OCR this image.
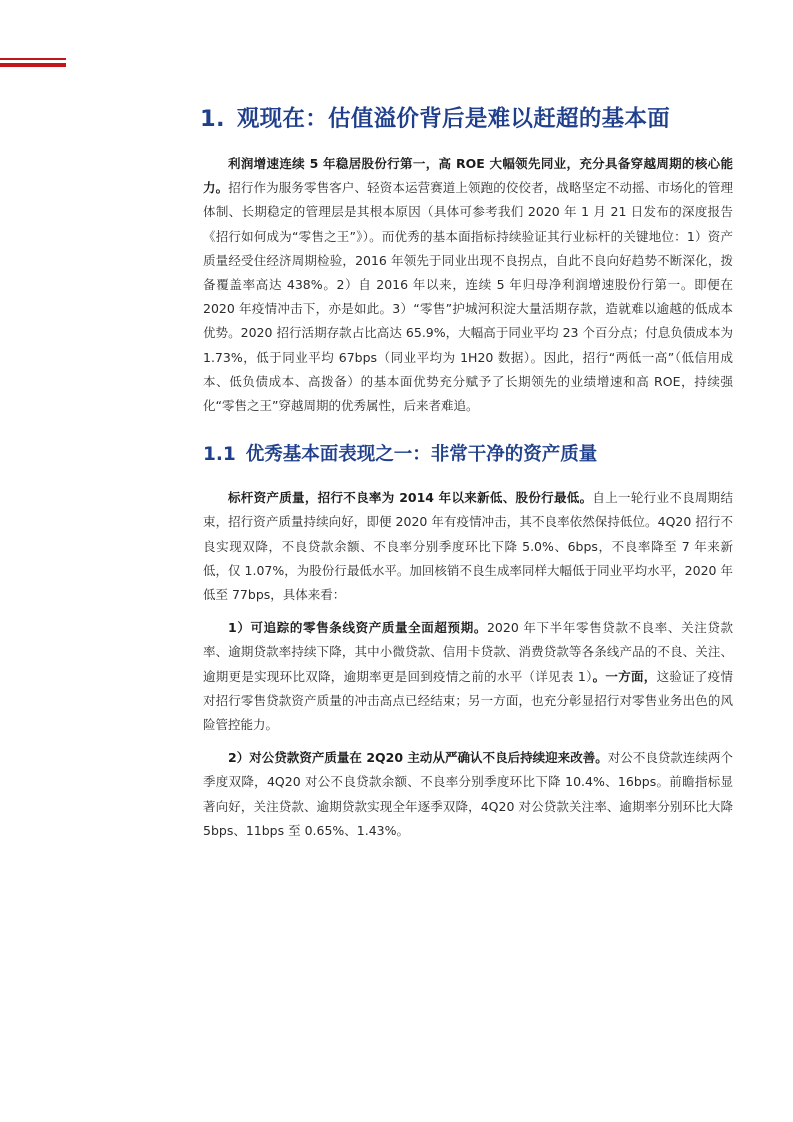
1. 观现在：估值溢价背后是难以赶超的基本面

利润增速连续 5 年稳居股份行第一，高 ROE 大幅领先同业，充分具备穿越周期的核心能力。招行作为服务零售客户、轻资本运营赛道上领跑的佼佼者，战略坚定不动摇、市场化的管理体制、长期稳定的管理层是其根本原因（具体可参考我们 2020 年 1 月 21 日发布的深度报告《招行如何成为“零售之王”》）。而优秀的基本面指标持续验证其行业标杆的关键地位：1）资产质量经受住经济周期检验，2016 年领先于同业出现不良拐点，自此不良向好趋势不断深化，拨备覆盖率高达 438%。2）自 2016 年以来，连续 5 年归母净利润增速股份行第一。即便在 2020 年疫情冲击下，亦是如此。3）“零售”护城河积淀大量活期存款，造就难以逾越的低成本优势。2020 招行活期存款占比高达 65.9%，大幅高于同业平均 23 个百分点；付息负债成本为 1.73%，低于同业平均 67bps（同业平均为 1H20 数据）。因此，招行“两低一高”（低信用成本、低负债成本、高拨备）的基本面优势充分赋予了长期领先的业绩增速和高 ROE，持续强化“零售之王”穿越周期的优秀属性，后来者难追。

1.1 优秀基本面表现之一：非常干净的资产质量

标杆资产质量，招行不良率为 2014 年以来新低、股份行最低。自上一轮行业不良周期结束，招行资产质量持续向好，即便 2020 年有疫情冲击，其不良率依然保持低位。4Q20 招行不良实现双降，不良贷款余额、不良率分别季度环比下降 5.0%、6bps，不良率降至 7 年来新低，仅 1.07%，为股份行最低水平。加回核销不良生成率同样大幅低于同业平均水平，2020 年低至 77bps，具体来看：

1）可追踪的零售条线资产质量全面超预期。2020 年下半年零售贷款不良率、关注贷款率、逾期贷款率持续下降，其中小微贷款、信用卡贷款、消费贷款等各条线产品的不良、关注、逾期更是实现环比双降，逾期率更是回到疫情之前的水平（详见表 1）。一方面，这验证了疫情对招行零售贷款资产质量的冲击高点已经结束；另一方面，也充分彰显招行对零售业务出色的风险管控能力。

2）对公贷款资产质量在 2Q20 主动从严确认不良后持续迎来改善。对公不良贷款连续两个季度双降，4Q20 对公不良贷款余额、不良率分别季度环比下降 10.4%、16bps。前瞻指标显著向好，关注贷款、逾期贷款实现全年逐季双降，4Q20 对公贷款关注率、逾期率分别环比大降 5bps、11bps 至 0.65%、1.43%。
